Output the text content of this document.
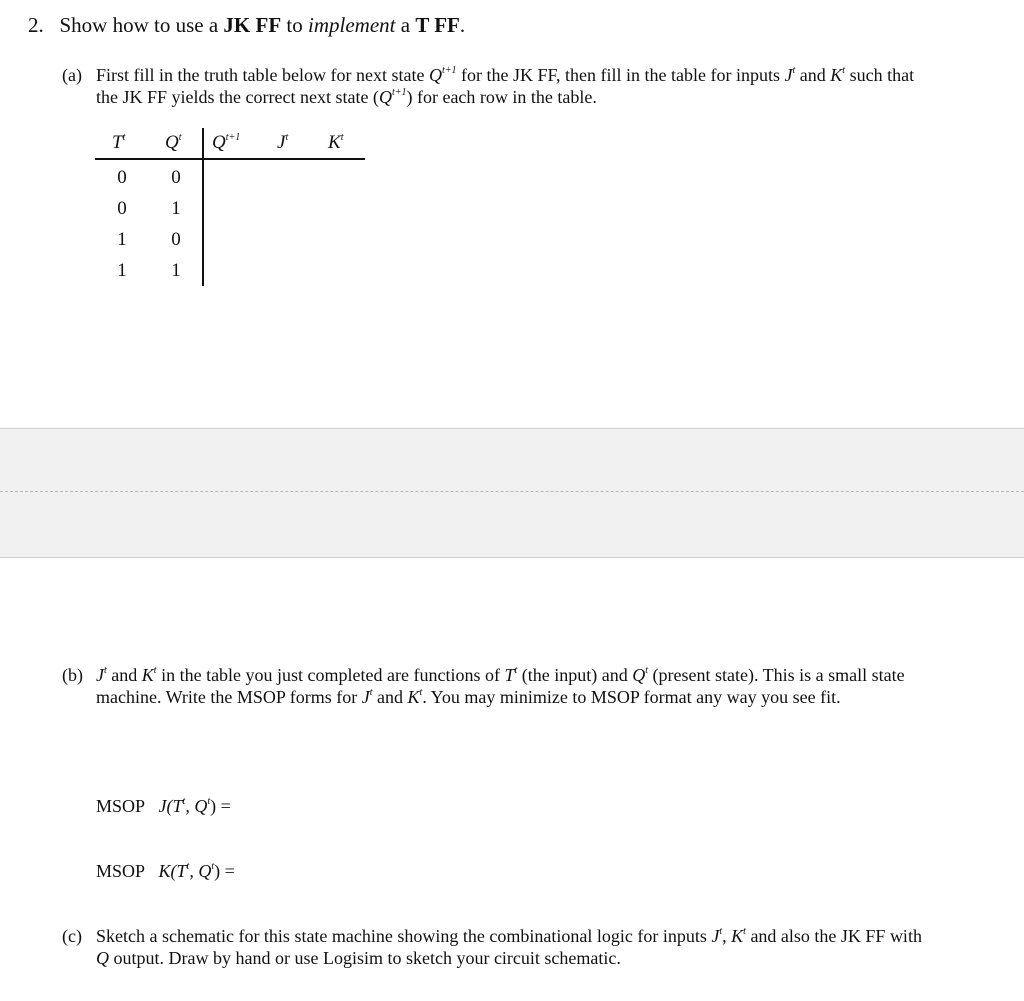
2. Show how to use a JK FF to implement a T FF.
(a) First fill in the truth table below for next state $Q^{t+1}$ for the JK FF, then fill in the table for inputs $J^t$ and $K^t$ such that
the JK FF yields the correct next state $(Q^{t+1})$ for each row in the table.
$T^t$ $Q^t$ $Q^{t+1}$ $J^t$ $K^t$
0	0
0	1
1	0
1	1
(b) $J^t$ and $K^t$ in the table you just completed are functions of $T^t$ (the input) and $Q^t$ (present state). This is a small state
machine. Write the MSOP forms for $J^t$ and $K^t$. You may minimize to MSOP format any way you see fit.
MSOP $J(T^t$, $Q^t$) =
MSOP $K(T^t$, $Q^t$) =
(c) Sketch a schematic for this state machine showing the combinational logic for inputs $J^t$, $K^t$ and also the JK FF with
Q output. Draw by hand or use Logisim to sketch your circuit schematic.
